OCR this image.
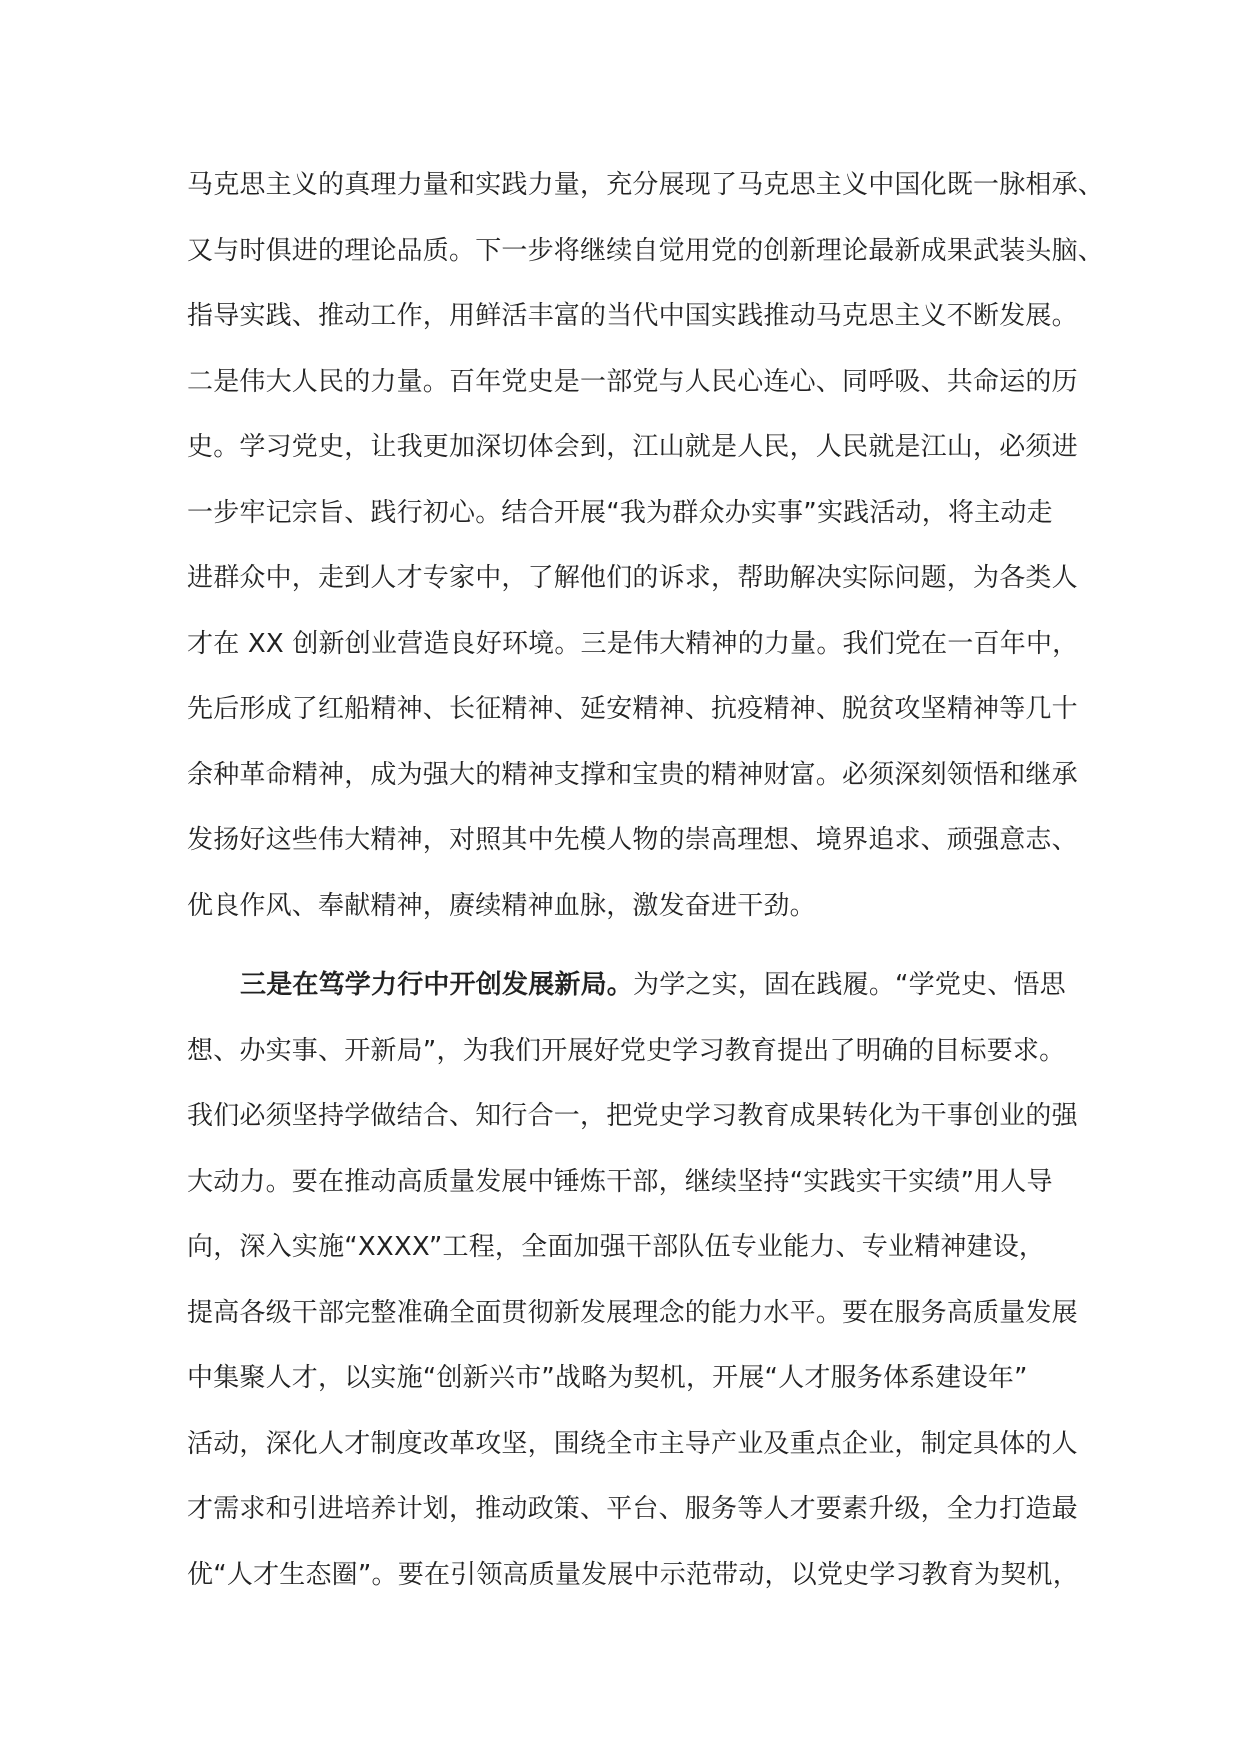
马克思主义的真理力量和实践力量，充分展现了马克思主义中国化既一脉相承、
又与时俱进的理论品质。下一步将继续自觉用党的创新理论最新成果武装头脑、
指导实践、推动工作，用鲜活丰富的当代中国实践推动马克思主义不断发展。
二是伟大人民的力量。百年党史是一部党与人民心连心、同呼吸、共命运的历
史。学习党史，让我更加深切体会到，江山就是人民，人民就是江山，必须进
一步牢记宗旨、践行初心。结合开展“我为群众办实事”实践活动，将主动走
进群众中，走到人才专家中，了解他们的诉求，帮助解决实际问题，为各类人
才在 XX 创新创业营造良好环境。三是伟大精神的力量。我们党在一百年中，
先后形成了红船精神、长征精神、延安精神、抗疫精神、脱贫攻坚精神等几十
余种革命精神，成为强大的精神支撑和宝贵的精神财富。必须深刻领悟和继承
发扬好这些伟大精神，对照其中先模人物的崇高理想、境界追求、顽强意志、
优良作风、奉献精神，赓续精神血脉，激发奋进干劲。
三是在笃学力行中开创发展新局。为学之实，固在践履。“学党史、悟思
想、办实事、开新局”，为我们开展好党史学习教育提出了明确的目标要求。
我们必须坚持学做结合、知行合一，把党史学习教育成果转化为干事创业的强
大动力。要在推动高质量发展中锤炼干部，继续坚持“实践实干实绩”用人导
向，深入实施“XXXX”工程，全面加强干部队伍专业能力、专业精神建设，
提高各级干部完整准确全面贯彻新发展理念的能力水平。要在服务高质量发展
中集聚人才，以实施“创新兴市”战略为契机，开展“人才服务体系建设年”
活动，深化人才制度改革攻坚，围绕全市主导产业及重点企业，制定具体的人
才需求和引进培养计划，推动政策、平台、服务等人才要素升级，全力打造最
优“人才生态圈”。要在引领高质量发展中示范带动，以党史学习教育为契机，
